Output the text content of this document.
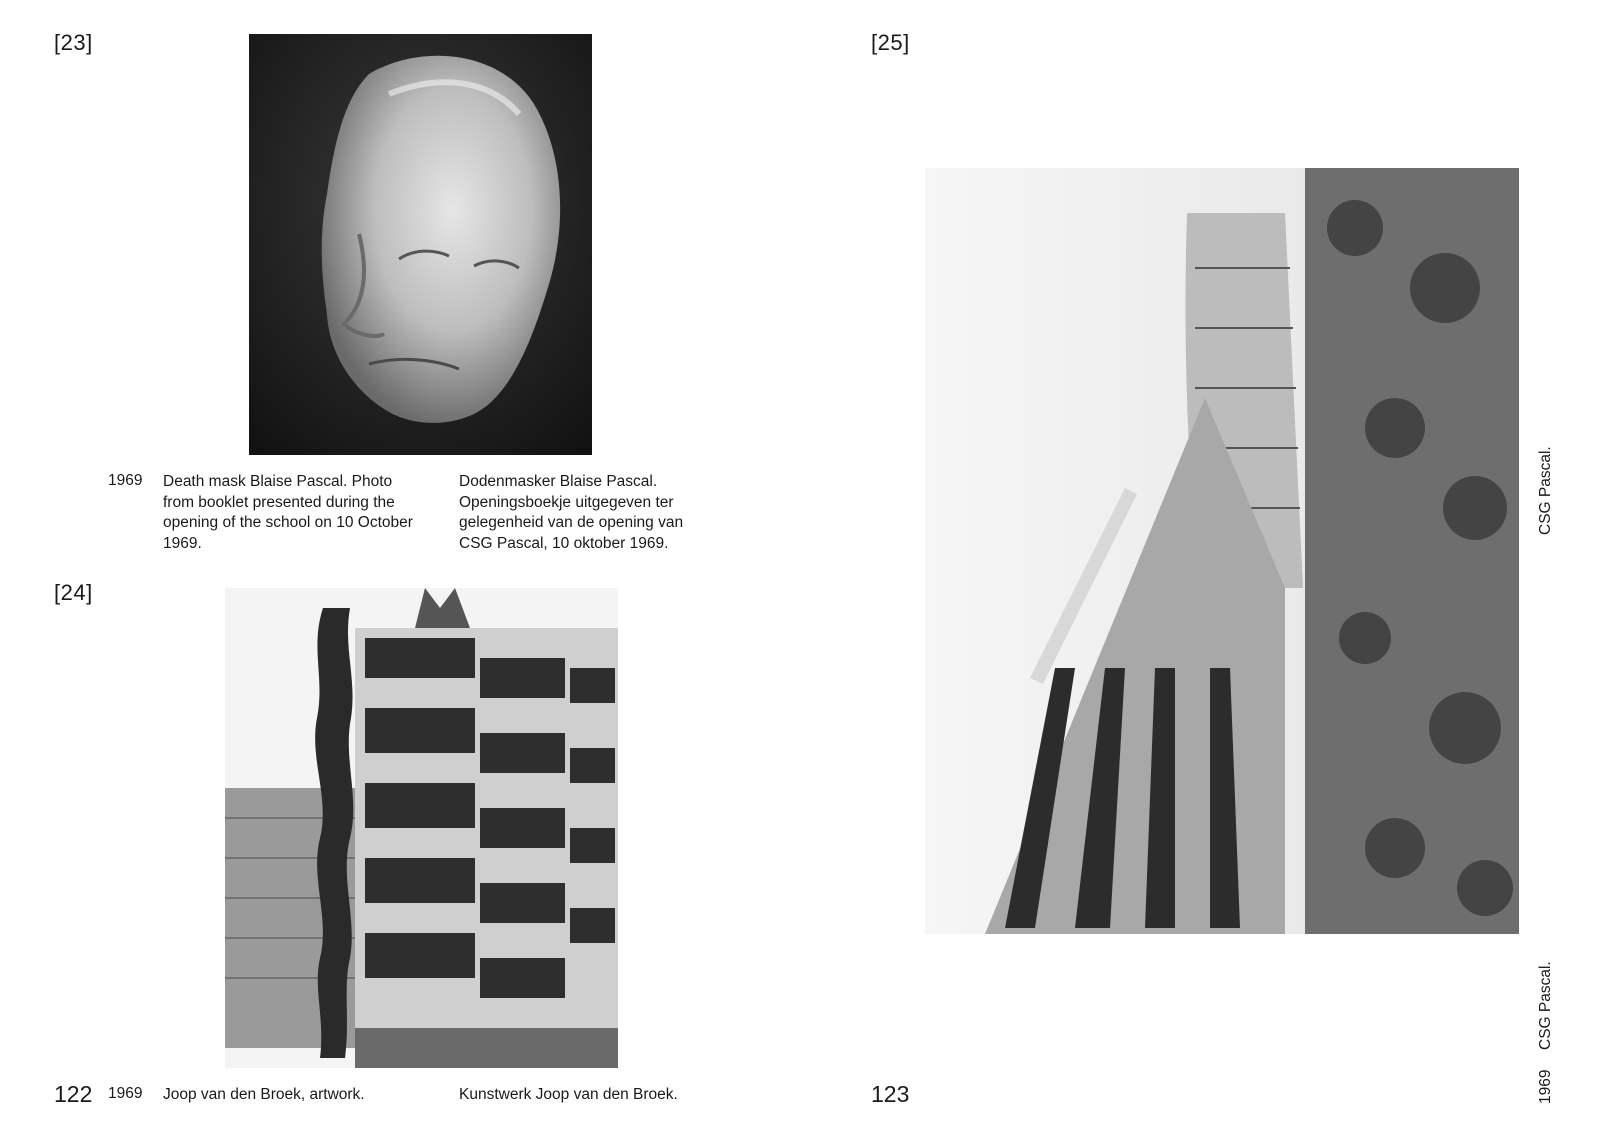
[23]
1969 Death mask Blaise Pascal. Photo from booklet presented during the opening of the school on 10 October 1969.
Dodenmasker Blaise Pascal. Openingsboekje uitgegeven ter gelegenheid van de opening van CSG Pascal, 10 oktober 1969.
[24]
122 1969 Joop van den Broek, artwork.	Kunstwerk Joop van den Broek.
[25]
CSG Pascal.
123	1969
CSG Pascal.
